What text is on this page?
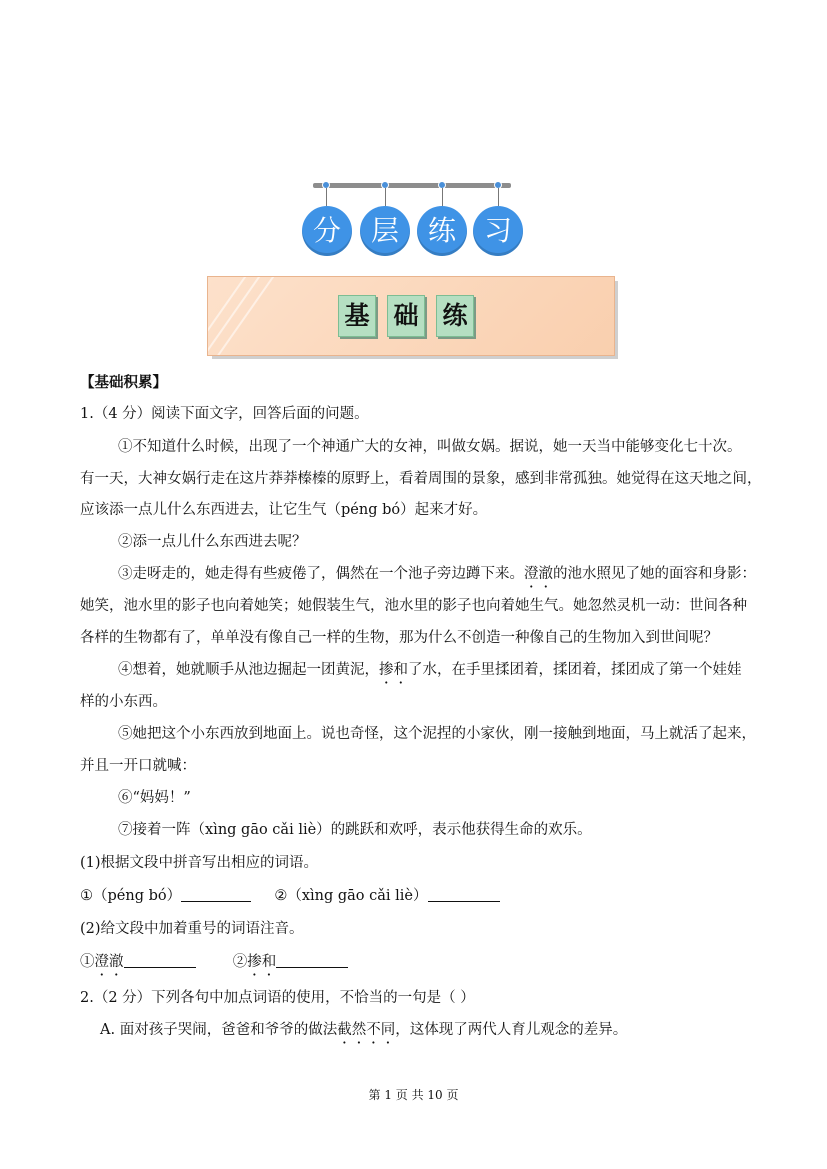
分	层	练 习
基 础 练
【基础积累】
1.（4 分）阅读下面文字，回答后面的问题。
①不知道什么时候，出现了一个神通广大的女神，叫做女娲。据说，她一天当中能够变化七十次。
有一天，大神女娲行走在这片莽莽榛榛的原野上，看着周围的景象，感到非常孤独。她觉得在这天地之间，
应该添一点儿什么东西进去，让它生气（péng bó）起来才好。
②添一点儿什么东西进去呢？
③走呀走的，她走得有些疲倦了，偶然在一个池子旁边蹲下来。澄澈的池水照见了她的面容和身影：
她笑，池水里的影子也向着她笑；她假装生气，池水里的影子也向着她生气。她忽然灵机一动：世间各种
各样的生物都有了，单单没有像自己一样的生物，那为什么不创造一种像自己的生物加入到世间呢？
④想着，她就顺手从池边掘起一团黄泥，掺和了水，在手里揉团着，揉团着，揉团成了第一个娃娃
样的小东西。
⑤她把这个小东西放到地面上。说也奇怪，这个泥捏的小家伙，刚一接触到地面，马上就活了起来，
并且一开口就喊：
⑥“妈妈！”
⑦接着一阵（xìng gāo cǎi liè）的跳跃和欢呼，表示他获得生命的欢乐。
(1)根据文段中拼音写出相应的词语。
①（péng bó）	②（xìng gāo cǎi liè）
(2)给文段中加着重号的词语注音。
①澄澈	②掺和
2.（2 分）下列各句中加点词语的使用，不恰当的一句是（ ）
A. 面对孩子哭闹，爸爸和爷爷的做法截然不同，这体现了两代人育儿观念的差异。
第 1 页 共 10 页
